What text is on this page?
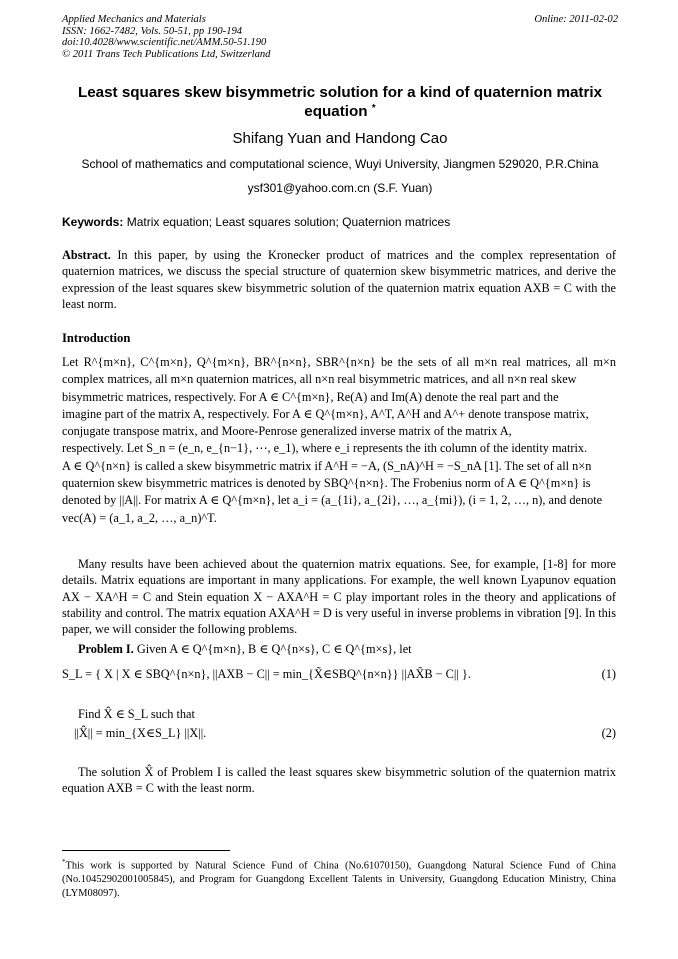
Applied Mechanics and Materials
ISSN: 1662-7482, Vols. 50-51, pp 190-194
doi:10.4028/www.scientific.net/AMM.50-51.190
© 2011 Trans Tech Publications Ltd, Switzerland
Online: 2011-02-02
Least squares skew bisymmetric solution for a kind of quaternion matrix equation *
Shifang Yuan and Handong Cao
School of mathematics and computational science, Wuyi University, Jiangmen 529020, P.R.China
ysf301@yahoo.com.cn (S.F. Yuan)
Keywords: Matrix equation; Least squares solution; Quaternion matrices
Abstract. In this paper, by using the Kronecker product of matrices and the complex representation of quaternion matrices, we discuss the special structure of quaternion skew bisymmetric matrices, and derive the expression of the least squares skew bisymmetric solution of the quaternion matrix equation AXB = C with the least norm.
Introduction
Let R^{m×n}, C^{m×n}, Q^{m×n}, BR^{n×n}, SBR^{n×n} be the sets of all m×n real matrices, all m×n complex matrices, all m×n quaternion matrices, all n×n real bisymmetric matrices, and all n×n real skew
bisymmetric matrices, respectively. For A ∈ C^{m×n}, Re(A) and Im(A) denote the real part and the
imagine part of the matrix A, respectively. For A ∈ Q^{m×n}, A^T, A^H and A^+ denote transpose matrix,
conjugate transpose matrix, and Moore-Penrose generalized inverse matrix of the matrix A,
respectively. Let S_n = (e_n, e_{n−1}, ⋯, e_1), where e_i represents the ith column of the identity matrix.
A ∈ Q^{n×n} is called a skew bisymmetric matrix if A^H = −A, (S_nA)^H = −S_nA [1]. The set of all n×n
quaternion skew bisymmetric matrices is denoted by SBQ^{n×n}. The Frobenius norm of A ∈ Q^{m×n} is
denoted by ||A||. For matrix A ∈ Q^{m×n}, let a_i = (a_{1i}, a_{2i}, …, a_{mi}), (i = 1, 2, …, n), and denote
vec(A) = (a_1, a_2, …, a_n)^T.
Many results have been achieved about the quaternion matrix equations. See, for example, [1-8] for more details. Matrix equations are important in many applications. For example, the well known Lyapunov equation AX − XA^H = C and Stein equation X − AXA^H = C play important roles in the theory and applications of stability and control. The matrix equation AXA^H = D is very useful in inverse problems in vibration [9]. In this paper, we will consider the following problems.
Problem I. Given A ∈ Q^{m×n}, B ∈ Q^{n×s}, C ∈ Q^{m×s}, let
S_L = { X | X ∈ SBQ^{n×n}, ||AXB − C|| = min_{X̃∈SBQ^{n×n}} ||AX̃B − C|| }.	(1)
Find X̂ ∈ S_L such that
||X̂|| = min_{X∈S_L} ||X||.	(2)
The solution X̂ of Problem I is called the least squares skew bisymmetric solution of the quaternion matrix equation AXB = C with the least norm.
*This work is supported by Natural Science Fund of China (No.61070150), Guangdong Natural Science Fund of China (No.10452902001005845), and Program for Guangdong Excellent Talents in University, Guangdong Education Ministry, China (LYM08097).
